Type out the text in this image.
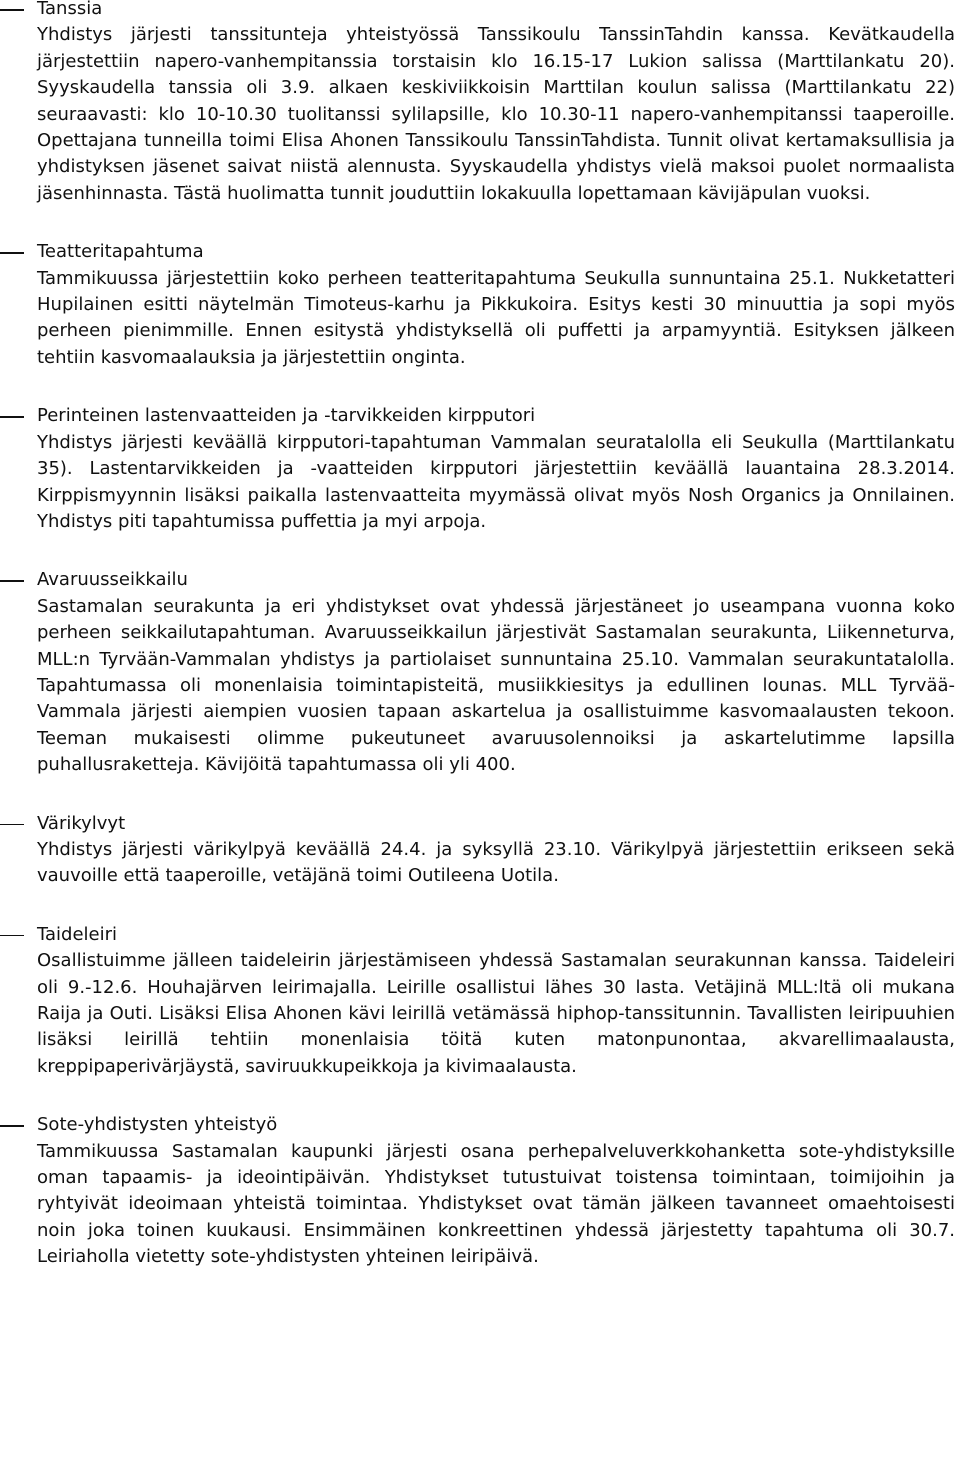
Tanssia

Yhdistys järjesti tanssitunteja yhteistyössä Tanssikoulu TanssinTahdin kanssa. Kevätkaudella järjestettiin napero-vanhempitanssia torstaisin klo 16.15-17 Lukion salissa (Marttilankatu 20). Syyskaudella tanssia oli 3.9. alkaen keskiviikkoisin Marttilan koulun salissa (Marttilankatu 22) seuraavasti: klo 10-10.30 tuolitanssi sylilapsille, klo 10.30-11 napero-vanhempitanssi taaperoille. Opettajana tunneilla toimi Elisa Ahonen Tanssikoulu TanssinTahdista. Tunnit olivat kertamaksullisia ja yhdistyksen jäsenet saivat niistä alennusta. Syyskaudella yhdistys vielä maksoi puolet normaalista jäsenhinnasta. Tästä huolimatta tunnit jouduttiin lokakuulla lopettamaan kävijäpulan vuoksi.

Teatteritapahtuma

Tammikuussa järjestettiin koko perheen teatteritapahtuma Seukulla sunnuntaina 25.1. Nukketatteri Hupilainen esitti näytelmän Timoteus-karhu ja Pikkukoira. Esitys kesti 30 minuuttia ja sopi myös perheen pienimmille. Ennen esitystä yhdistyksellä oli puffetti ja arpamyyntiä. Esityksen jälkeen tehtiin kasvomaalauksia ja järjestettiin onginta.

Perinteinen lastenvaatteiden ja -tarvikkeiden kirpputori

Yhdistys järjesti keväällä kirpputori-tapahtuman Vammalan seuratalolla eli Seukulla (Marttilankatu 35). Lastentarvikkeiden ja -vaatteiden kirpputori järjestettiin keväällä lauantaina 28.3.2014. Kirppismyynnin lisäksi paikalla lastenvaatteita myymässä olivat myös Nosh Organics ja Onnilainen. Yhdistys piti tapahtumissa puffettia ja myi arpoja.

Avaruusseikkailu

Sastamalan seurakunta ja eri yhdistykset ovat yhdessä järjestäneet jo useampana vuonna koko perheen seikkailutapahtuman. Avaruusseikkailun järjestivät Sastamalan seurakunta, Liikenneturva, MLL:n Tyrvään-Vammalan yhdistys ja partiolaiset sunnuntaina 25.10. Vammalan seurakuntatalolla. Tapahtumassa oli monenlaisia toimintapisteitä, musiikkiesitys ja edullinen lounas. MLL Tyrvää-Vammala järjesti aiempien vuosien tapaan askartelua ja osallistuimme kasvomaalausten tekoon. Teeman mukaisesti olimme pukeutuneet avaruusolennoiksi ja askartelutimme lapsilla puhallusraketteja. Kävijöitä tapahtumassa oli yli 400.

Värikylvyt

Yhdistys järjesti värikylpyä keväällä 24.4. ja syksyllä 23.10. Värikylpyä järjestettiin erikseen sekä vauvoille että taaperoille, vetäjänä toimi Outileena Uotila.

Taideleiri

Osallistuimme jälleen taideleirin järjestämiseen yhdessä Sastamalan seurakunnan kanssa. Taideleiri oli 9.-12.6. Houhajärven leirimajalla. Leirille osallistui lähes 30 lasta. Vetäjinä MLL:ltä oli mukana Raija ja Outi. Lisäksi Elisa Ahonen kävi leirillä vetämässä hiphop-tanssitunnin. Tavallisten leiripuuhien lisäksi leirillä tehtiin monenlaisia töitä kuten matonpunontaa, akvarellimaalausta, kreppipaperivärjäystä, saviruukkupeikkoja ja kivimaalausta.

Sote-yhdistysten yhteistyö

Tammikuussa Sastamalan kaupunki järjesti osana perhepalveluverkkohanketta sote-yhdistyksille oman tapaamis- ja ideointipäivän. Yhdistykset tutustuivat toistensa toimintaan, toimijoihin ja ryhtyivät ideoimaan yhteistä toimintaa. Yhdistykset ovat tämän jälkeen tavanneet omaehtoisesti noin joka toinen kuukausi. Ensimmäinen konkreettinen yhdessä järjestetty tapahtuma oli 30.7. Leiriaholla vietetty sote-yhdistysten yhteinen leiripäivä.
